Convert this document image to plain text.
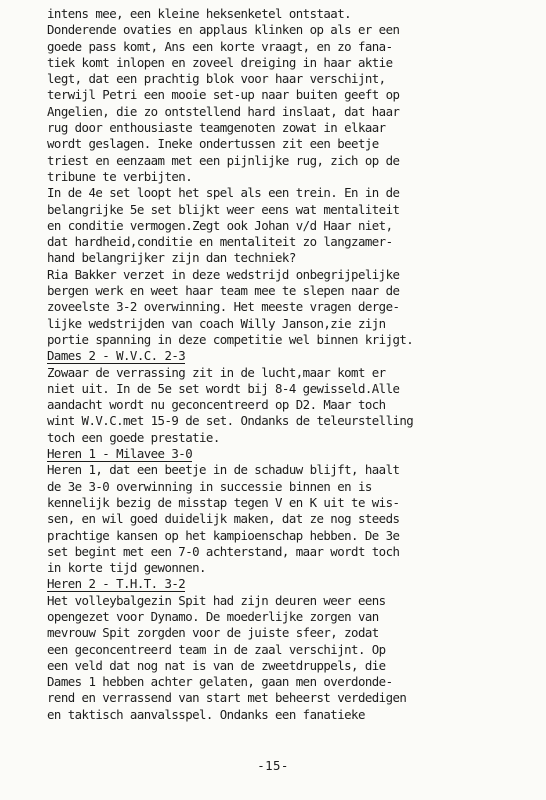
intens mee, een kleine heksenketel ontstaat.
Donderende ovaties en applaus klinken op als er een
goede pass komt, Ans een korte vraagt, en zo fana-
tiek komt inlopen en zoveel dreiging in haar aktie
legt, dat een prachtig blok voor haar verschijnt,
terwijl Petri een mooie set-up naar buiten geeft op
Angelien, die zo ontstellend hard inslaat, dat haar
rug door enthousiaste teamgenoten zowat in elkaar
wordt geslagen. Ineke ondertussen zit een beetje
triest en eenzaam met een pijnlijke rug, zich op de
tribune te verbijten.
In de 4e set loopt het spel als een trein. En in de
belangrijke 5e set blijkt weer eens wat mentaliteit
en conditie vermogen.Zegt ook Johan v/d Haar niet,
dat hardheid,conditie en mentaliteit zo langzamer-
hand belangrijker zijn dan techniek?
Ria Bakker verzet in deze wedstrijd onbegrijpelijke
bergen werk en weet haar team mee te slepen naar de
zoveelste 3-2 overwinning. Het meeste vragen derge-
lijke wedstrijden van coach Willy Janson,zie zijn
portie spanning in deze competitie wel binnen krijgt.
Dames 2 - W.V.C. 2-3
Zowaar de verrassing zit in de lucht,maar komt er
niet uit. In de 5e set wordt bij 8-4 gewisseld.Alle
aandacht wordt nu geconcentreerd op D2. Maar toch
wint W.V.C.met 15-9 de set. Ondanks de teleurstelling
toch een goede prestatie.
Heren 1 - Milavee 3-0
Heren 1, dat een beetje in de schaduw blijft, haalt
de 3e 3-0 overwinning in successie binnen en is
kennelijk bezig de misstap tegen V en K uit te wis-
sen, en wil goed duidelijk maken, dat ze nog steeds
prachtige kansen op het kampioenschap hebben. De 3e
set begint met een 7-0 achterstand, maar wordt toch
in korte tijd gewonnen.
Heren 2 - T.H.T. 3-2
Het volleybalgezin Spit had zijn deuren weer eens
opengezet voor Dynamo. De moederlijke zorgen van
mevrouw Spit zorgden voor de juiste sfeer, zodat
een geconcentreerd team in de zaal verschijnt. Op
een veld dat nog nat is van de zweetdruppels, die
Dames 1 hebben achter gelaten, gaan men overdonde-
rend en verrassend van start met beheerst verdedigen
en taktisch aanvalsspel. Ondanks een fanatieke
-15-
